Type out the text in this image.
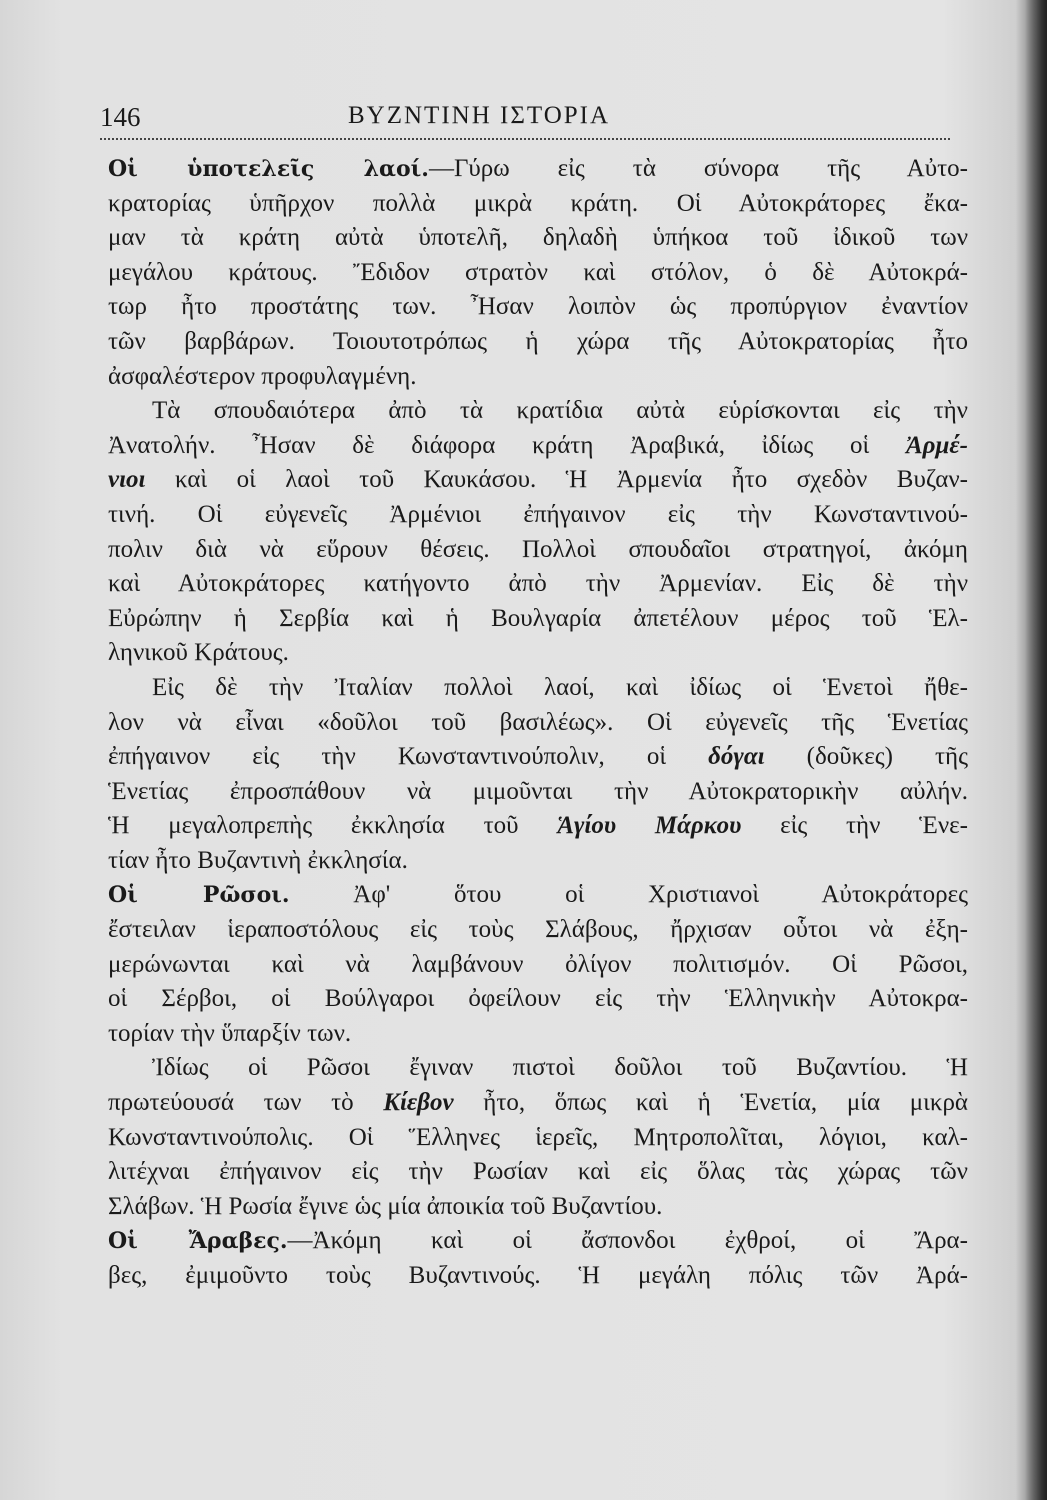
146	ΒΥΖΝΤΙΝΗ ΙΣΤΟΡΙΑ
Οἱ ὑποτελεῖς λαοί.—Γύρω εἰς τὰ σύνορα τῆς Αὐτο-
κρατορίας ὑπῆρχον πολλὰ μικρὰ κράτη. Οἱ Αὐτοκράτορες ἔκα-
μαν τὰ κράτη αὐτὰ ὑποτελῆ, δηλαδὴ ὑπήκοα τοῦ ἰδικοῦ των
μεγάλου κράτους. Ἔδιδον στρατὸν καὶ στόλον, ὁ δὲ Αὐτοκρά-
τωρ ἦτο προστάτης των. Ἦσαν λοιπὸν ὡς προπύργιον ἐναντίον
τῶν βαρβάρων. Τοιουτοτρόπως ἡ χώρα τῆς Αὐτοκρατορίας ἦτο
ἀσφαλέστερον προφυλαγμένη.
Τὰ σπουδαιότερα ἀπὸ τὰ κρατίδια αὐτὰ εὑρίσκονται εἰς τὴν
Ἀνατολήν. Ἦσαν δὲ διάφορα κράτη Ἀραβικά, ἰδίως οἱ Ἀρμέ-
νιοι καὶ οἱ λαοὶ τοῦ Καυκάσου. Ἡ Ἀρμενία ἦτο σχεδὸν Βυζαν-
τινή. Οἱ εὐγενεῖς Ἀρμένιοι ἐπήγαινον εἰς τὴν Κωνσταντινού-
πολιν διὰ νὰ εὕρουν θέσεις. Πολλοὶ σπουδαῖοι στρατηγοί, ἀκόμη
καὶ Αὐτοκράτορες κατήγοντο ἀπὸ τὴν Ἀρμενίαν. Εἰς δὲ τὴν
Εὐρώπην ἡ Σερβία καὶ ἡ Βουλγαρία ἀπετέλουν μέρος τοῦ Ἑλ-
ληνικοῦ Κράτους.
Εἰς δὲ τὴν Ἰταλίαν πολλοὶ λαοί, καὶ ἰδίως οἱ Ἑνετοὶ ἤθε-
λον νὰ εἶναι «δοῦλοι τοῦ βασιλέως». Οἱ εὐγενεῖς τῆς Ἑνετίας
ἐπήγαινον εἰς τὴν Κωνσταντινούπολιν, οἱ δόγαι (δοῦκες) τῆς
Ἑνετίας ἐπροσπάθουν νὰ μιμοῦνται τὴν Αὐτοκρατορικὴν αὐλήν.
Ἡ μεγαλοπρεπὴς ἐκκλησία τοῦ Ἁγίου Μάρκου εἰς τὴν Ἑνε-
τίαν ἦτο Βυζαντινὴ ἐκκλησία.
Οἱ Ρῶσοι.	Ἀφ' ὅτου οἱ Χριστιανοὶ Αὐτοκράτορες
ἔστειλαν ἱεραποστόλους εἰς τοὺς Σλάβους, ἤρχισαν οὗτοι νὰ ἐξη-
μερώνωνται καὶ νὰ λαμβάνουν ὀλίγον πολιτισμόν. Οἱ Ρῶσοι,
οἱ Σέρβοι, οἱ Βούλγαροι ὀφείλουν εἰς τὴν Ἑλληνικὴν Αὐτοκρα-
τορίαν τὴν ὕπαρξίν των.
Ἰδίως οἱ Ρῶσοι ἔγιναν πιστοὶ δοῦλοι τοῦ Βυζαντίου. Ἡ
πρωτεύουσά των τὸ Κίεβον ἦτο, ὅπως καὶ ἡ Ἑνετία, μία μικρὰ
Κωνσταντινούπολις. Οἱ Ἕλληνες ἱερεῖς, Μητροπολῖται, λόγιοι, καλ-
λιτέχναι ἐπήγαινον εἰς τὴν Ρωσίαν καὶ εἰς ὅλας τὰς χώρας τῶν
Σλάβων. Ἡ Ρωσία ἔγινε ὡς μία ἀποικία τοῦ Βυζαντίου.
Οἱ Ἄραβες.—Ἀκόμη καὶ οἱ ἄσπονδοι ἐχθροί, οἱ Ἄρα-
βες, ἐμιμοῦντο τοὺς Βυζαντινούς. Ἡ μεγάλη πόλις τῶν Ἀρά-
